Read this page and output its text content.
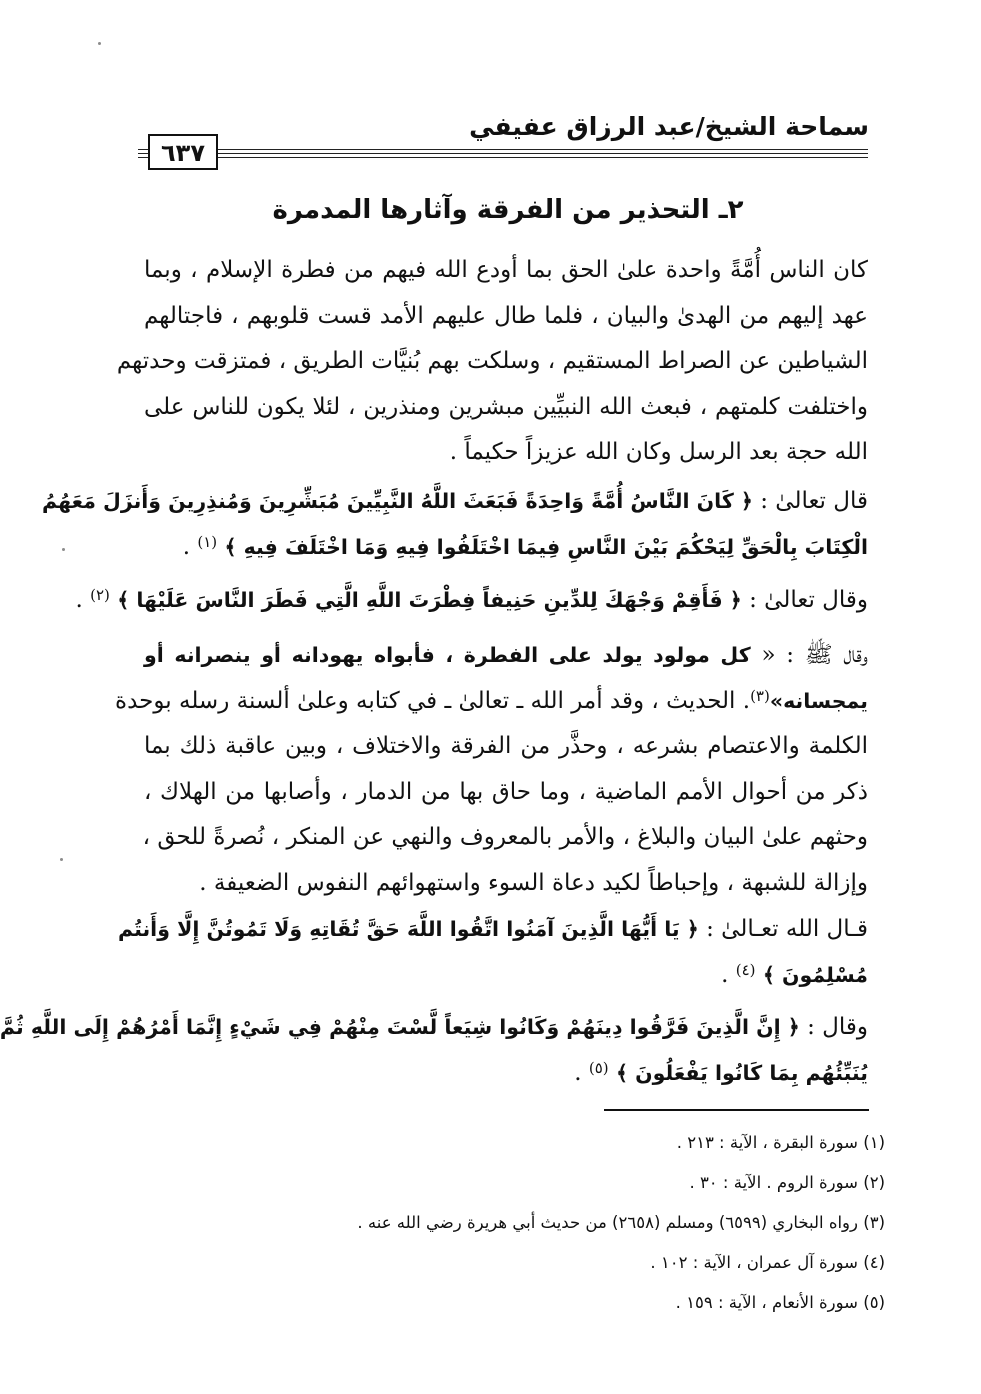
سماحة الشيخ/عبد الرزاق عفيفي
٦٣٧
٢ـ التحذير من الفرقة وآثارها المدمرة
كان الناس أُمَّةً واحدة علىٰ الحق بما أودع الله فيهم من فطرة الإسلام ، وبما
عهد إليهم من الهدىٰ والبيان ، فلما طال عليهم الأمد قست قلوبهم ، فاجتالهم
الشياطين عن الصراط المستقيم ، وسلكت بهم بُنيَّات الطريق ، فمتزقت وحدتهم
واختلفت كلمتهم ، فبعث الله النبيِّين مبشرين ومنذرين ، لئلا يكون للناس على
الله حجة بعد الرسل وكان الله عزيزاً حكيماً .
قال تعالىٰ : ﴿ كَانَ النَّاسُ أُمَّةً وَاحِدَةً فَبَعَثَ اللَّهُ النَّبِيِّينَ مُبَشِّرِينَ وَمُنذِرِينَ وَأَنزَلَ مَعَهُمُ
الْكِتَابَ بِالْحَقِّ لِيَحْكُمَ بَيْنَ النَّاسِ فِيمَا اخْتَلَفُوا فِيهِ وَمَا اخْتَلَفَ فِيهِ ﴾ $^{(١)}$ .
وقال تعالىٰ : ﴿ فَأَقِمْ وَجْهَكَ لِلدِّينِ حَنِيفاً فِطْرَتَ اللَّهِ الَّتِي فَطَرَ النَّاسَ عَلَيْهَا ﴾ $^{(٢)}$ .
وقال ﷺ : « كل مولود يولد على الفطرة ، فأبواه يهودانه أو ينصرانه أو
يمجسانه»$^{(٣)}$. الحديث ، وقد أمر الله ـ تعالىٰ ـ في كتابه وعلىٰ ألسنة رسله بوحدة
الكلمة والاعتصام بشرعه ، وحذَّر من الفرقة والاختلاف ، وبين عاقبة ذلك بما
ذكر من أحوال الأمم الماضية ، وما حاق بها من الدمار ، وأصابها من الهلاك ،
وحثهم علىٰ البيان والبلاغ ، والأمر بالمعروف والنهي عن المنكر ، نُصرةً للحق ،
وإزالة للشبهة ، وإحباطاً لكيد دعاة السوء واستهوائهم النفوس الضعيفة .
قـال الله تعـالىٰ : ﴿ يَا أَيُّهَا الَّذِينَ آمَنُوا اتَّقُوا اللَّهَ حَقَّ تُقَاتِهِ وَلَا تَمُوتُنَّ إِلَّا وَأَنتُم
مُسْلِمُونَ ﴾ $^{(٤)}$ .
وقال : ﴿ إِنَّ الَّذِينَ فَرَّقُوا دِينَهُمْ وَكَانُوا شِيَعاً لَّسْتَ مِنْهُمْ فِي شَيْءٍ إِنَّمَا أَمْرُهُمْ إِلَى اللَّهِ ثُمَّ
يُنَبِّئُهُم بِمَا كَانُوا يَفْعَلُونَ ﴾ $^{(٥)}$ .
(١) سورة البقرة ، الآية : ٢١٣ .
(٢) سورة الروم . الآية : ٣٠ .
(٣) رواه البخاري (٦٥٩٩) ومسلم (٢٦٥٨) من حديث أبي هريرة رضي الله عنه .
(٤) سورة آل عمران ، الآية : ١٠٢ .
(٥) سورة الأنعام ، الآية : ١٥٩ .
